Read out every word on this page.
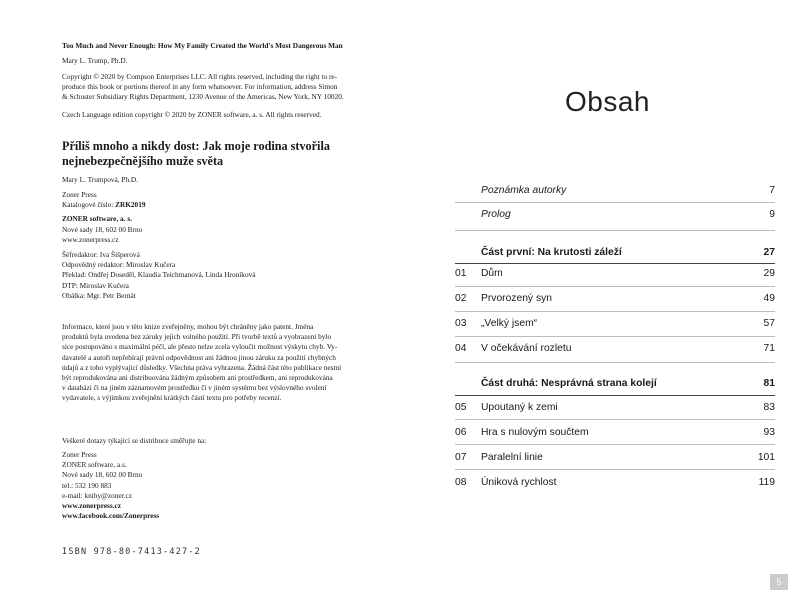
Too Much and Never Enough: How My Family Created the World's Most Dangerous Man
Mary L. Trump, Ph.D.
Copyright © 2020 by Compson Enterprises LLC. All rights reserved, including the right to re-
produce this book or portions thereof in any form whatsoever. For information, address Simon
& Schuster Subsidiary Rights Department, 1230 Avenue of the Americas, New York, NY 10020.
Czech Language edition copyright © 2020 by ZONER software, a. s. All rights reserved.
Příliš mnoho a nikdy dost: Jak moje rodina stvořila
nejnebezpečnějšího muže světa
Mary L. Trumpová, Ph.D.
Zoner Press
Katalogové číslo: ZRK2019
ZONER software, a. s.
Nové sady 18, 602 00 Brno
www.zonerpress.cz
Šéfredaktor: Iva Šišperová
Odpovědný redaktor: Miroslav Kučera
Překlad: Ondřej Doseděl, Klaudia Teichmanová, Linda Hroníková
DTP: Miroslav Kučera
Obálka: Mgr. Petr Bernát
Informace, které jsou v této knize zveřejněny, mohou být chráněny jako patent. Jména
produktů byla uvedena bez záruky jejich volného použití. Při tvorbě textů a vyobrazení bylo
sice postupováno s maximální péčí, ale přesto nelze zcela vyloučit možnost výskytu chyb. Vy-
davatelé a autoři nepřebírají právní odpovědnost ani žádnou jinou záruku za použití chybných
údajů a z toho vyplývající důsledky. Všechna práva vyhrazena. Žádná část této publikace nesmí
být reprodukována ani distribuována žádným způsobem ani prostředkem, ani reprodukována
v databázi či na jiném záznamovém prostředku či v jiném systému bez výslovného svolení
vydavatele, s výjimkou zveřejnění krátkých částí textu pro potřeby recenzí.
Veškeré dotazy týkající se distribuce směřujte na:
Zoner Press
ZONER software, a.s.
Nové sady 18, 602 00 Brno
tel.: 532 190 883
e-mail: knihy@zoner.cz
www.zonerpress.cz
www.facebook.com/Zonerpress
ISBN 978-80-7413-427-2
Obsah
Poznámka autorky	7
Prolog	9
Část první: Na krutosti záleží	27
01 Dům	29
02 Prvorozený syn	49
03 „Velký jsem“	57
04 V očekávání rozletu	71
Část druhá: Nesprávná strana kolejí	81
05 Upoutaný k zemi	83
06 Hra s nulovým součtem	93
07 Paralelní linie	101
08 Úniková rychlost	119
5
